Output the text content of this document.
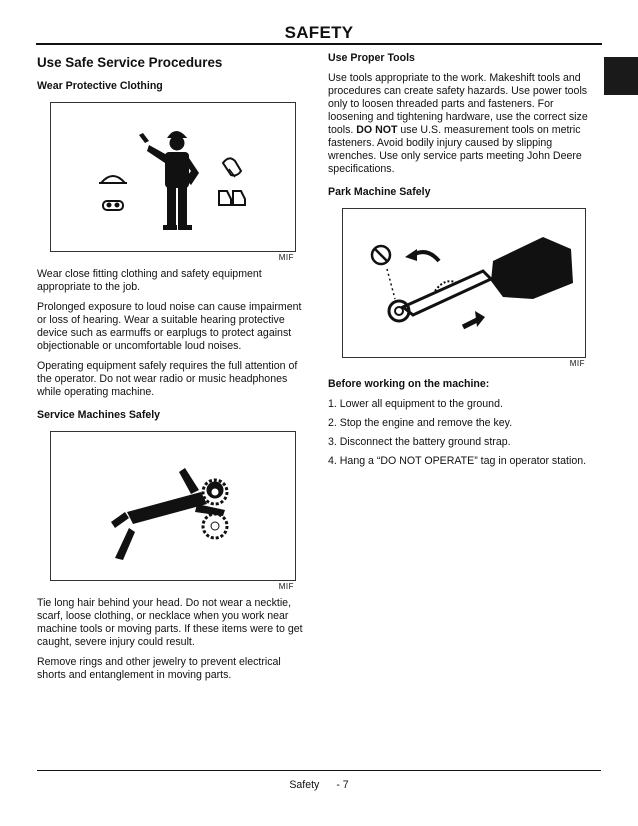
SAFETY
Use Safe Service Procedures
Wear Protective Clothing
MIF

Wear close fitting clothing and safety equipment appropriate to the job.

Prolonged exposure to loud noise can cause impairment or loss of hearing. Wear a suitable hearing protective device such as earmuffs or earplugs to protect against objectionable or uncomfortable loud noises.

Operating equipment safely requires the full attention of the operator. Do not wear radio or music headphones while operating machine.

Service Machines Safely
MIF

Tie long hair behind your head. Do not wear a necktie, scarf, loose clothing, or necklace when you work near machine tools or moving parts. If these items were to get caught, severe injury could result.

Remove rings and other jewelry to prevent electrical shorts and entanglement in moving parts.

Use Proper Tools

Use tools appropriate to the work. Makeshift tools and procedures can create safety hazards. Use power tools only to loosen threaded parts and fasteners. For loosening and tightening hardware, use the correct size tools. DO NOT use U.S. measurement tools on metric fasteners. Avoid bodily injury caused by slipping wrenches. Use only service parts meeting John Deere specifications.

Park Machine Safely
MIF
Before working on the machine:
1. Lower all equipment to the ground.
2. Stop the engine and remove the key.
3. Disconnect the battery ground strap.
4. Hang a “DO NOT OPERATE” tag in operator station.
Safety - 7
